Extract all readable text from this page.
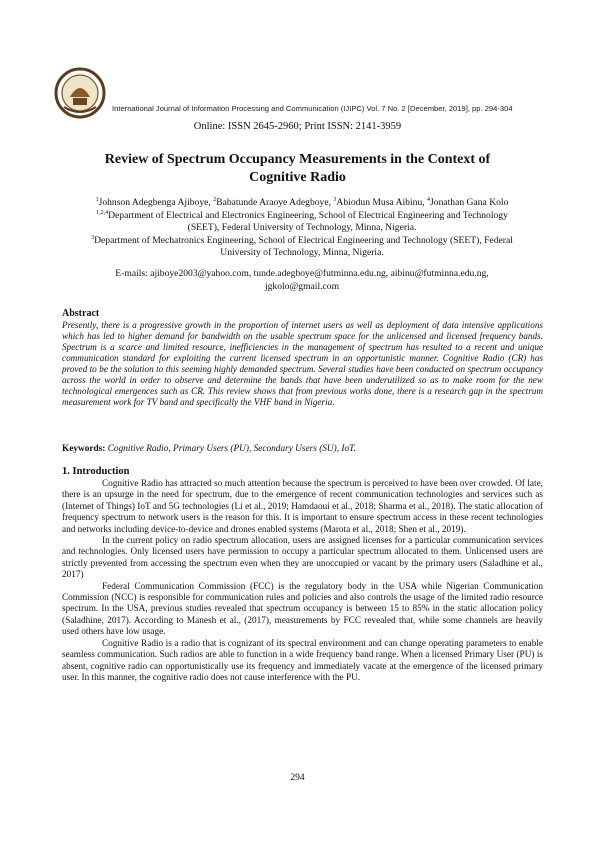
International Journal of Information Processing and Communication (IJIPC) Vol. 7 No. 2 [December, 2019], pp. 294-304
Online: ISSN 2645-2960; Print ISSN: 2141-3959
Review of Spectrum Occupancy Measurements in the Context of
Cognitive Radio
$^1$Johnson Adegbenga Ajiboye, $^2$Babatunde Araoye Adegboye, $^3$Abiodun Musa Aibinu, $^4$Jonathan Gana Kolo
$^{1,2,4}$Department of Electrical and Electronics Engineering, School of Electrical Engineering and Technology
(SEET), Federal University of Technology, Minna, Nigeria.
$^3$Department of Mechatronics Engineering, School of Electrical Engineering and Technology (SEET), Federal
University of Technology, Minna, Nigeria.
E-mails: ajiboye2003@yahoo.com, tunde.adegboye@futminna.edu.ng, aibinu@futminna.edu.ng,
jgkolo@gmail.com
Abstract
Presently, there is a progressive growth in the proportion of internet users as well as deployment of data intensive applications which has led to higher demand for bandwidth on the usable spectrum space for the unlicensed and licensed frequency bands. Spectrum is a scarce and limited resource, inefficiencies in the management of spectrum has resulted to a recent and unique communication standard for exploiting the current licensed spectrum in an opportunistic manner. Cognitive Radio (CR) has proved to be the solution to this seeming highly demanded spectrum. Several studies have been conducted on spectrum occupancy across the world in order to observe and determine the bands that have been underutilized so as to make room for the new technological emergences such as CR. This review shows that from previous works done, there is a research gap in the spectrum measurement work for TV band and specifically the VHF band in Nigeria.
Keywords: Cognitive Radio, Primary Users (PU), Secondary Users (SU), IoT.
1. Introduction

Cognitive Radio has attracted so much attention because the spectrum is perceived to have been over crowded. Of late, there is an upsurge in the need for spectrum, due to the emergence of recent communication technologies and services such as (Internet of Things) IoT and 5G technologies (Li et al., 2019; Hamdaoui et al., 2018; Sharma et al., 2018). The static allocation of frequency spectrum to network users is the reason for this. It is important to ensure spectrum access in these recent technologies and networks including device-to-device and drones enabled systems (Marota et al., 2018; Shen et al., 2019).

In the current policy on radio spectrum allocation, users are assigned licenses for a particular communication services and technologies. Only licensed users have permission to occupy a particular spectrum allocated to them. Unlicensed users are strictly prevented from accessing the spectrum even when they are unoccupied or vacant by the primary users (Saladhine et al., 2017)

Federal Communication Commission (FCC) is the regulatory body in the USA while Nigerian Communication Commission (NCC) is responsible for communication rules and policies and also controls the usage of the limited radio resource spectrum. In the USA, previous studies revealed that spectrum occupancy is between 15 to 85% in the static allocation policy (Saladhine, 2017). According to Manesh et al., (2017), measurements by FCC revealed that, while some channels are heavily used others have low usage.

Cognitive Radio is a radio that is cognizant of its spectral environment and can change operating parameters to enable seamless communication. Such radios are able to function in a wide frequency band range. When a licensed Primary User (PU) is absent, cognitive radio can opportunistically use its frequency and immediately vacate at the emergence of the licensed primary user. In this manner, the cognitive radio does not cause interference with the PU.

294
